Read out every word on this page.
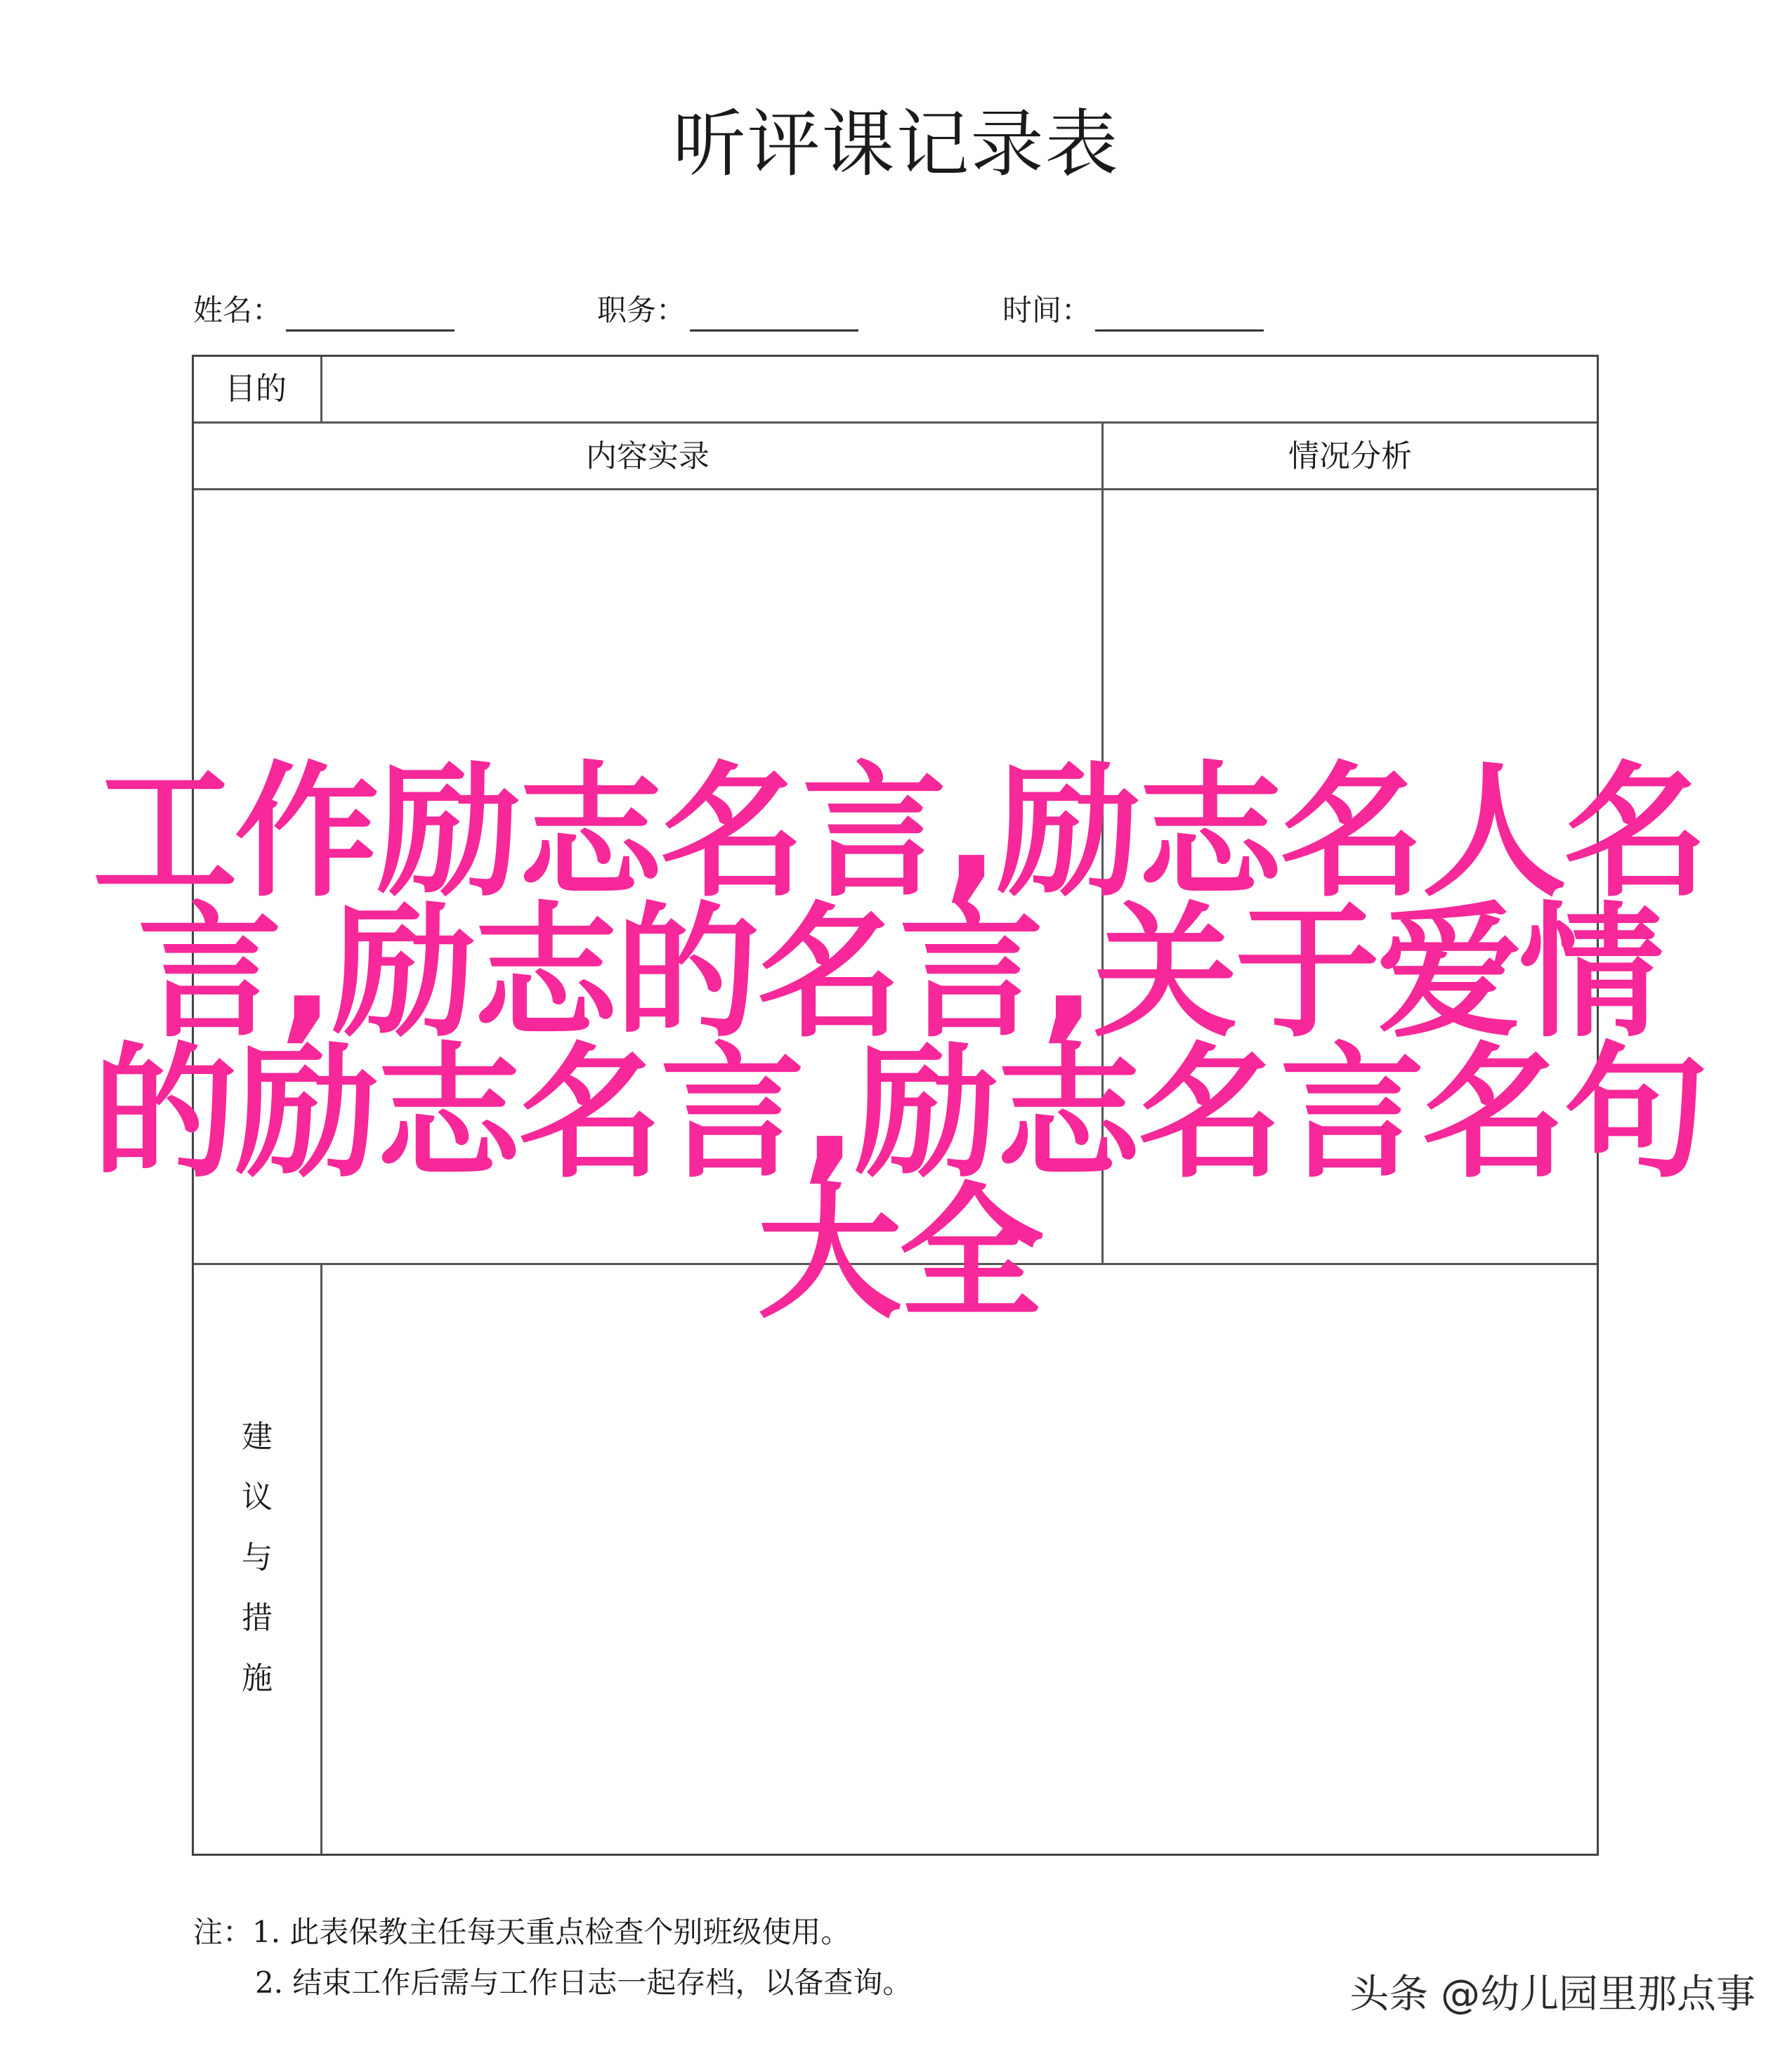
听评课记录表
姓名：	职务：	时间：
目的
内容实录	情况分析
建
议
与
措
施
注：1. 此表保教主任每天重点检查个别班级使用。
2. 结束工作后需与工作日志一起存档，以备查询。
工作励志名言,励志名人名
言,励志的名言,关于爱情
的励志名言,励志名言名句
大全
头条 @幼儿园里那点事
